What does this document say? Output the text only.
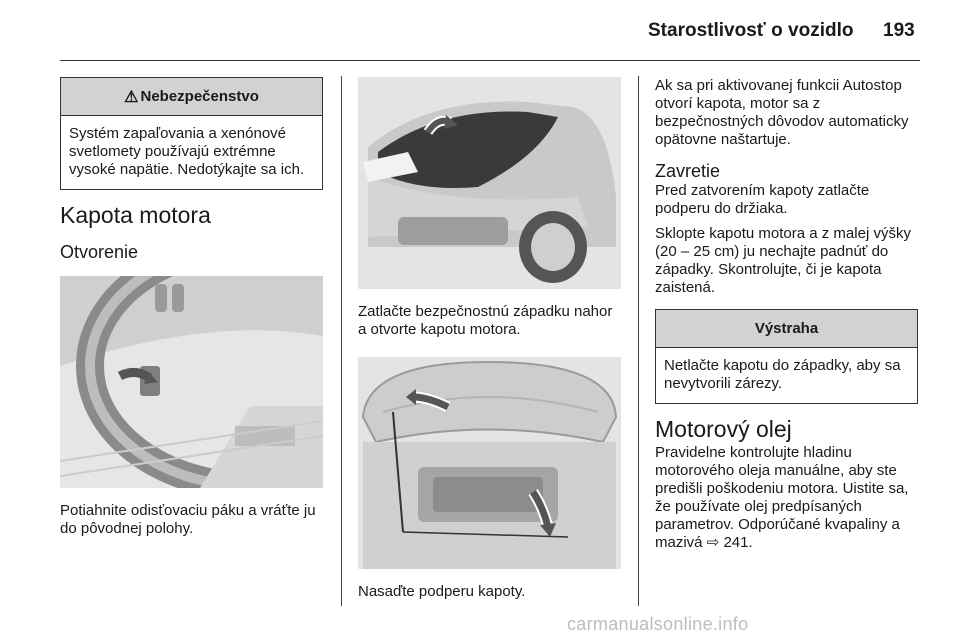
Starostlivosť o vozidlo 193
⚠ Nebezpečenstvo
Systém zapaľovania a xenónové svetlomety používajú extrémne vysoké napätie. Nedotýkajte sa ich.
Kapota motora
Otvorenie
Potiahnite odisťovaciu páku a vráťte ju do pôvodnej polohy.
Zatlačte bezpečnostnú západku nahor a otvorte kapotu motora.
Nasaďte podperu kapoty.
Ak sa pri aktivovanej funkcii Autostop otvorí kapota, motor sa z bezpečnostných dôvodov automaticky opätovne naštartuje.
Zavretie
Pred zatvorením kapoty zatlačte podperu do držiaka.
Sklopte kapotu motora a z malej výšky (20 – 25 cm) ju nechajte padnúť do západky. Skontrolujte, či je kapota zaistená.
Výstraha
Netlačte kapotu do západky, aby sa nevytvorili zárezy.
Motorový olej
Pravidelne kontrolujte hladinu motorového oleja manuálne, aby ste predišli poškodeniu motora. Uistite sa, že používate olej predpísaných parametrov. Odporúčané kvapaliny a mazivá ⇨ 241.
carmanualsonline.info
